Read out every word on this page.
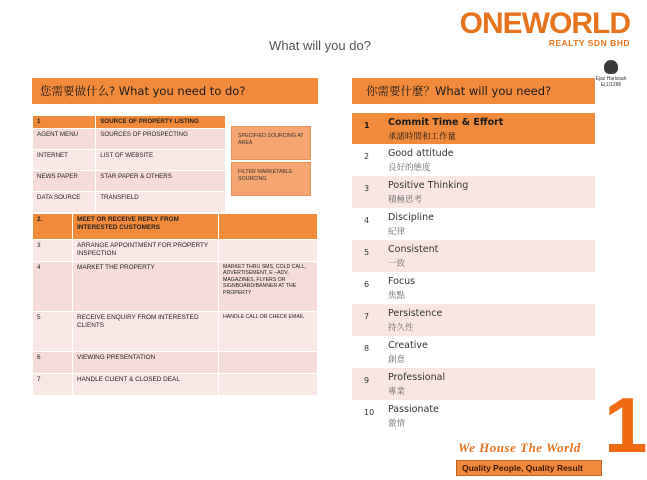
ONEWORLD
REALTY SDN BHD
Ejaz Harissah
E(1)1286
What will you do?
您需要做什么? What you need to do?	你需要什麼？What will you need?
1	SOURCE OF PROPERTY LISTING
AGENT MENU	SOURCES OF PROSPECTING
INTERNET	LIST OF WEBSITE
NEWS PAPER	STAR PAPER & OTHERS
DATA SOURCE	TRANSFIELD
SPECIFIED SOURCING AT AREA
FILTER MARKETABLE SOURCING
2.	MEET OR RECEIVE REPLY FROM INTERESTED CUSTOMERS	
3	ARRANGE APPOINTMENT FOR PROPERTY INSPECTION	
4	MARKET THE PROPERTY	MARKET THRU SMS, COLD CALL, ADVERTISEMENT, E –ADV, MAGAZINES, FLYERS OR SIGNBOARD/BANNER AT THE PROPERTY
5	RECEIVE ENQUIRY FROM INTERESTED CLIENTS	HANDLE CALL OR CHECK EMAIL
6	VIEWING PRESENTATION	
7	HANDLE CLIENT & CLOSED DEAL	
1 Commit Time & Effort
承諾時間和工作量
2 Good attitude
良好的態度
3 Positive Thinking
積極思考
4 Discipline
紀律
5 Consistent
一致
6 Focus
焦點
7 Persistence
持久性
8 Creative
創意
9 Professional
專業
10 Passionate
激情	1
We House The World
Quality People, Quality Result
